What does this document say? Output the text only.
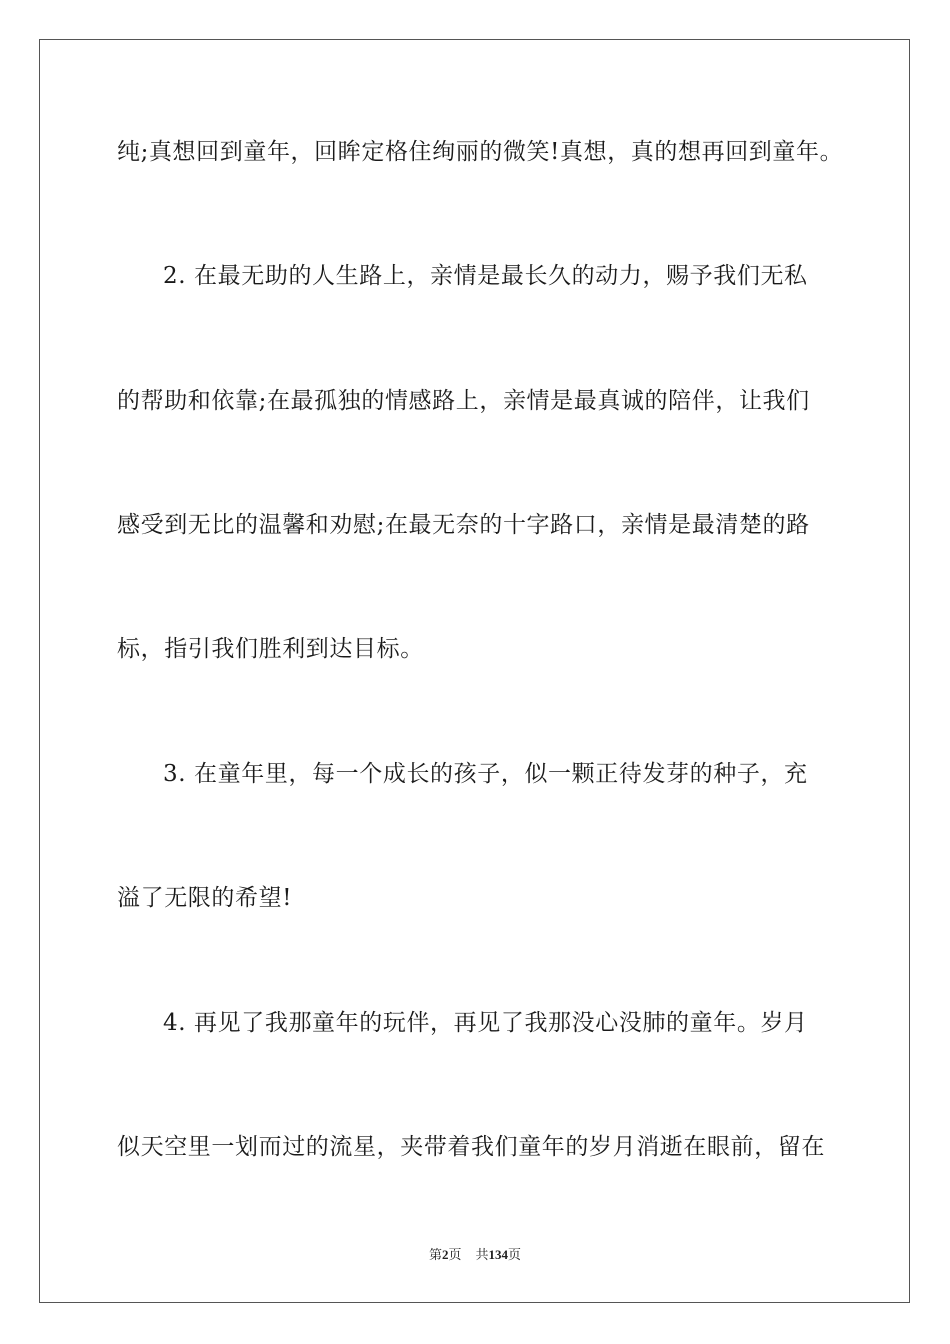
纯;真想回到童年，回眸定格住绚丽的微笑!真想，真的想再回到童年。
2. 在最无助的人生路上，亲情是最长久的动力，赐予我们无私
的帮助和依靠;在最孤独的情感路上，亲情是最真诚的陪伴，让我们
感受到无比的温馨和劝慰;在最无奈的十字路口，亲情是最清楚的路
标，指引我们胜利到达目标。
3. 在童年里，每一个成长的孩子，似一颗正待发芽的种子，充
溢了无限的希望!
4. 再见了我那童年的玩伴，再见了我那没心没肺的童年。岁月
似天空里一划而过的流星，夹带着我们童年的岁月消逝在眼前，留在
第2页 共134页
